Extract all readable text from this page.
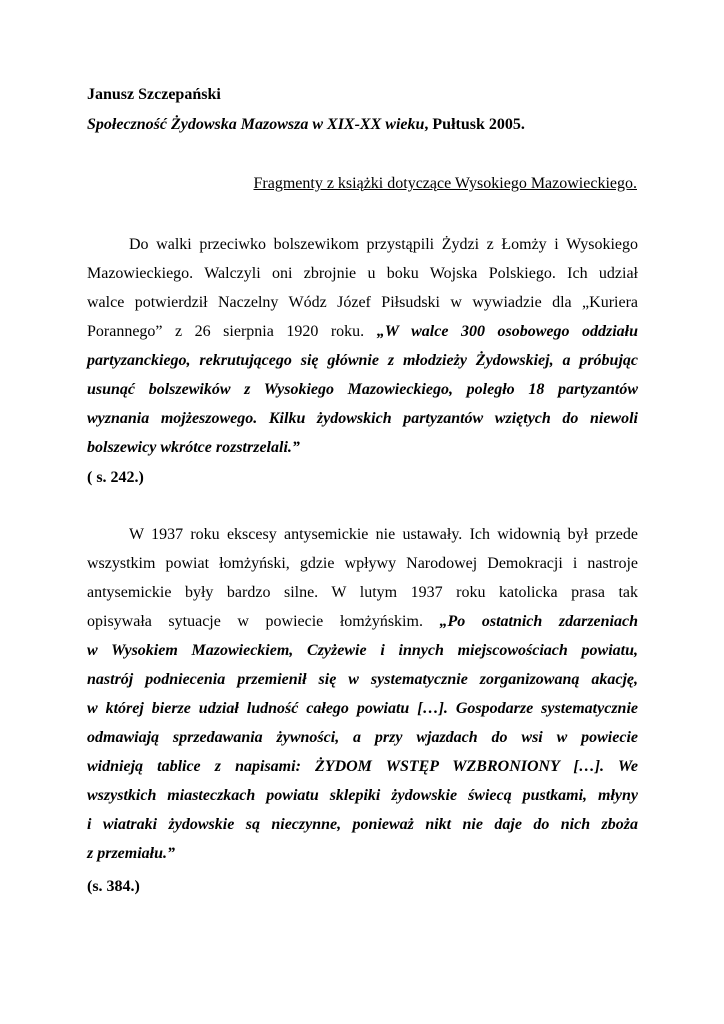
Janusz Szczepański
Społeczność Żydowska Mazowsza w XIX-XX wieku, Pułtusk 2005.
Fragmenty z książki dotyczące Wysokiego Mazowieckiego.
Do walki przeciwko bolszewikom przystąpili Żydzi z Łomży i Wysokiego
Mazowieckiego. Walczyli oni zbrojnie u boku Wojska Polskiego. Ich udział
walce potwierdził Naczelny Wódz Józef Piłsudski w wywiadzie dla „Kuriera
Porannego” z 26 sierpnia 1920 roku. „W walce 300 osobowego oddziału
partyzanckiego, rekrutującego się głównie z młodzieży Żydowskiej, a próbując
usunąć bolszewików z Wysokiego Mazowieckiego, poległo 18 partyzantów
wyznania mojżeszowego. Kilku żydowskich partyzantów wziętych do niewoli
bolszewicy wkrótce rozstrzelali.”
( s. 242.)
W 1937 roku ekscesy antysemickie nie ustawały. Ich widownią był przede
wszystkim powiat łomżyński, gdzie wpływy Narodowej Demokracji i nastroje
antysemickie były bardzo silne. W lutym 1937 roku katolicka prasa tak
opisywała sytuacje w powiecie łomżyńskim. „Po ostatnich zdarzeniach
w Wysokiem Mazowieckiem, Czyżewie i innych miejscowościach powiatu,
nastrój podniecenia przemienił się w systematycznie zorganizowaną akację,
w której bierze udział ludność całego powiatu […]. Gospodarze systematycznie
odmawiają sprzedawania żywności, a przy wjazdach do wsi w powiecie
widnieją tablice z napisami: ŻYDOM WSTĘP WZBRONIONY […]. We
wszystkich miasteczkach powiatu sklepiki żydowskie świecą pustkami, młyny
i wiatraki żydowskie są nieczynne, ponieważ nikt nie daje do nich zboża
z przemiału.”
(s. 384.)
